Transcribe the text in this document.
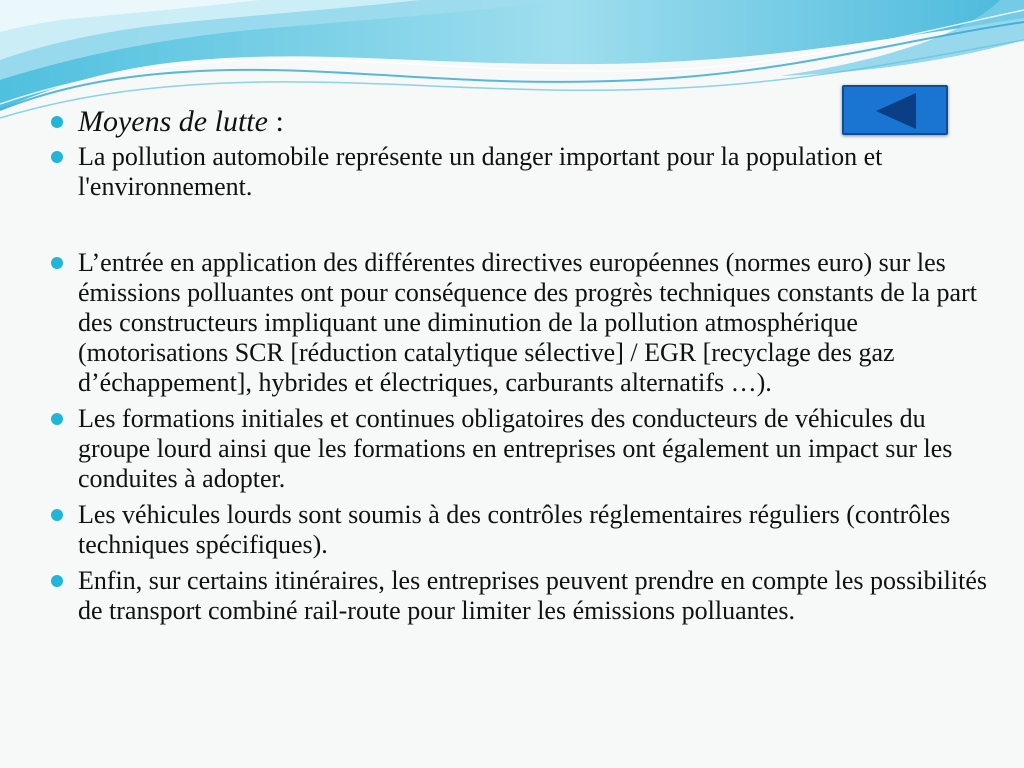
Moyens de lutte :
La pollution automobile représente un danger important pour la population et l'environnement.
L’entrée en application des différentes directives européennes (normes euro) sur les émissions polluantes ont pour conséquence des progrès techniques constants de la part des constructeurs impliquant une diminution de la pollution atmosphérique (motorisations SCR [réduction catalytique sélective] / EGR [recyclage des gaz d’échappement], hybrides et électriques, carburants alternatifs …).
Les formations initiales et continues obligatoires des conducteurs de véhicules du groupe lourd ainsi que les formations en entreprises ont également un impact sur les conduites à adopter.
Les véhicules lourds sont soumis à des contrôles réglementaires réguliers (contrôles techniques spécifiques).
Enfin, sur certains itinéraires, les entreprises peuvent prendre en compte les possibilités de transport combiné rail-route pour limiter les émissions polluantes.
